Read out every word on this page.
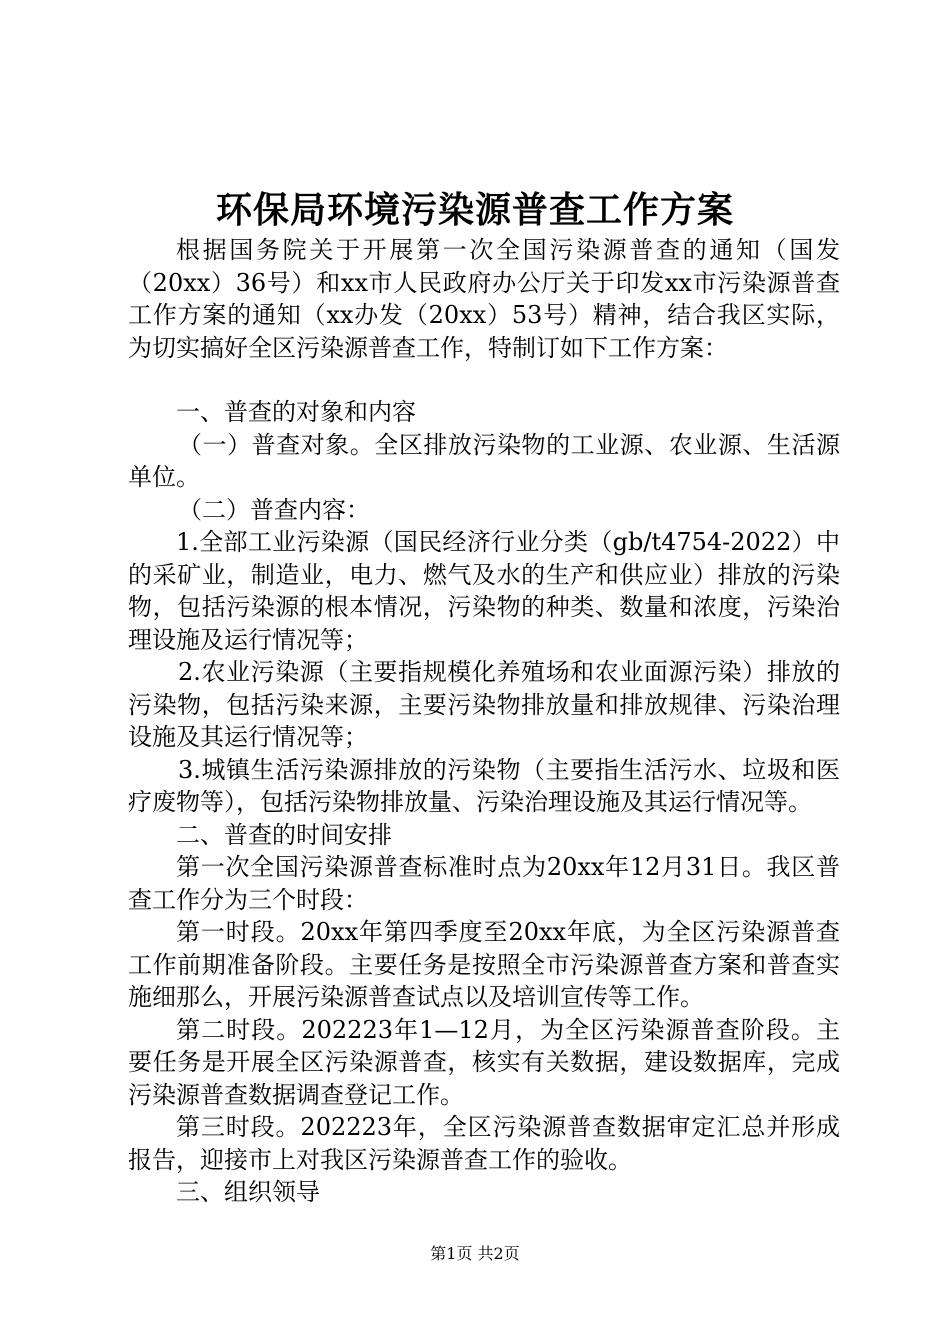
环保局环境污染源普查工作方案

根据国务院关于开展第一次全国污染源普查的通知（国发（20xx）36号）和xx市人民政府办公厅关于印发xx市污染源普查工作方案的通知（xx办发（20xx）53号）精神，结合我区实际，为切实搞好全区污染源普查工作，特制订如下工作方案：

一、普查的对象和内容

（一）普查对象。全区排放污染物的工业源、农业源、生活源单位。

（二）普查内容：

1.全部工业污染源（国民经济行业分类（gb/t4754-2022）中的采矿业，制造业，电力、燃气及水的生产和供应业）排放的污染物，包括污染源的根本情况，污染物的种类、数量和浓度，污染治理设施及运行情况等；

2.农业污染源（主要指规模化养殖场和农业面源污染）排放的污染物，包括污染来源，主要污染物排放量和排放规律、污染治理设施及其运行情况等；

3.城镇生活污染源排放的污染物（主要指生活污水、垃圾和医疗废物等），包括污染物排放量、污染治理设施及其运行情况等。

二、普查的时间安排

第一次全国污染源普查标准时点为20xx年12月31日。我区普查工作分为三个时段：

第一时段。20xx年第四季度至20xx年底，为全区污染源普查工作前期准备阶段。主要任务是按照全市污染源普查方案和普查实施细那么，开展污染源普查试点以及培训宣传等工作。

第二时段。202223年1—12月，为全区污染源普查阶段。主要任务是开展全区污染源普查，核实有关数据，建设数据库，完成污染源普查数据调查登记工作。

第三时段。202223年，全区污染源普查数据审定汇总并形成报告，迎接市上对我区污染源普查工作的验收。

三、组织领导

第1页 共2页
